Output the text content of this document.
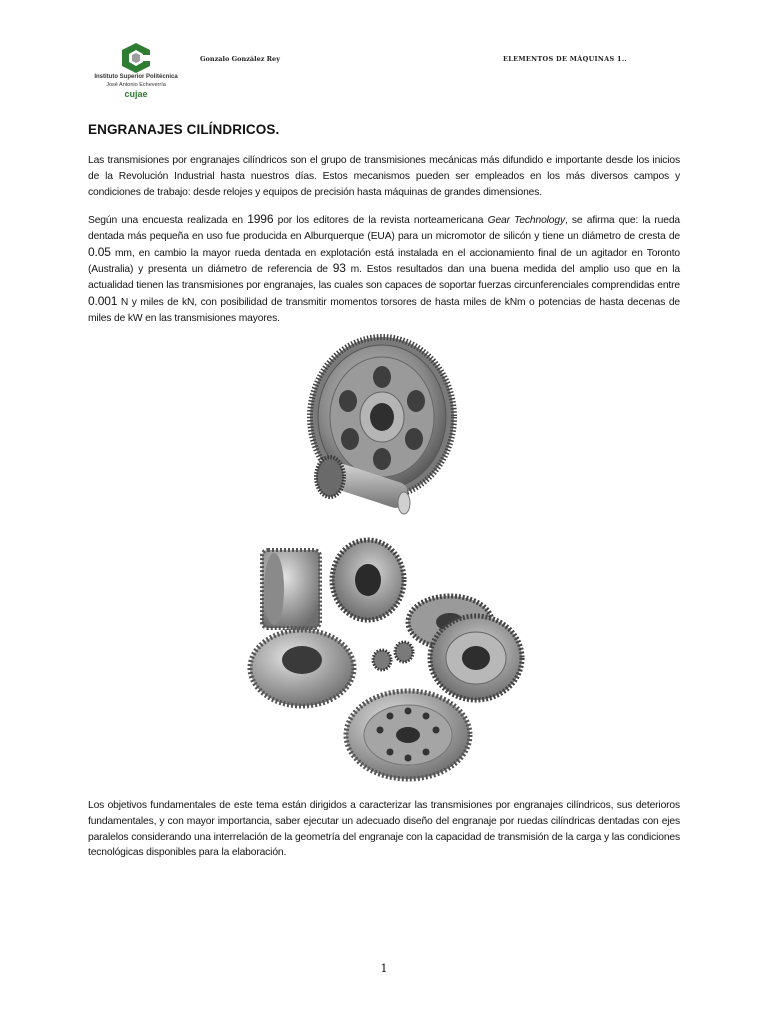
Instituto Superior Politécnica
José Antonio Echeverría
cujae
Gonzalo González Rey	ELEMENTOS DE MÁQUINAS 1..
ENGRANAJES CILÍNDRICOS.
Las transmisiones por engranajes cilíndricos son el grupo de transmisiones mecánicas más difundido e importante desde los inicios de la Revolución Industrial hasta nuestros días. Estos mecanismos pueden ser empleados en los más diversos campos y condiciones de trabajo: desde relojes y equipos de precisión hasta máquinas de grandes dimensiones.
Según una encuesta realizada en 1996 por los editores de la revista norteamericana Gear Technology, se afirma que: la rueda dentada más pequeña en uso fue producida en Alburquerque (EUA) para un micromotor de silicón y tiene un diámetro de cresta de 0.05 mm, en cambio la mayor rueda dentada en explotación está instalada en el accionamiento final de un agitador en Toronto (Australia) y presenta un diámetro de referencia de 93 m. Estos resultados dan una buena medida del amplio uso que en la actualidad tienen las transmisiones por engranajes, las cuales son capaces de soportar fuerzas circunferenciales comprendidas entre 0.001 N y miles de kN, con posibilidad de transmitir momentos torsores de hasta miles de kNm o potencias de hasta decenas de miles de kW en las transmisiones mayores.
Los objetivos fundamentales de este tema están dirigidos a caracterizar las transmisiones por engranajes cilíndricos, sus deterioros fundamentales, y con mayor importancia, saber ejecutar un adecuado diseño del engranaje por ruedas cilíndricas dentadas con ejes paralelos considerando una interrelación de la geometría del engranaje con la capacidad de transmisión de la carga y las condiciones tecnológicas disponibles para la elaboración.
1
